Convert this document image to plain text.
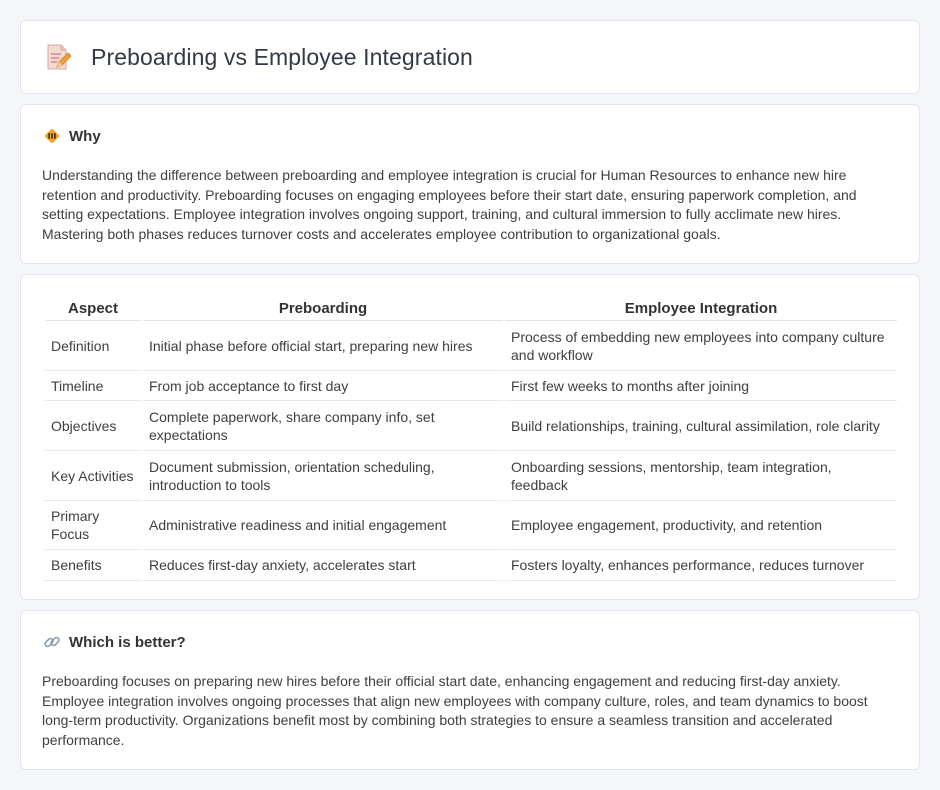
Preboarding vs Employee Integration
Why

Understanding the difference between preboarding and employee integration is crucial for Human Resources to enhance new hire retention and productivity. Preboarding focuses on engaging employees before their start date, ensuring paperwork completion, and setting expectations. Employee integration involves ongoing support, training, and cultural immersion to fully acclimate new hires. Mastering both phases reduces turnover costs and accelerates employee contribution to organizational goals.

Aspect	Preboarding	Employee Integration
Definition	Initial phase before official start, preparing new hires	Process of embedding new employees into company culture and workflow
Timeline	From job acceptance to first day	First few weeks to months after joining
Objectives	Complete paperwork, share company info, set expectations	Build relationships, training, cultural assimilation, role clarity
Key Activities	Document submission, orientation scheduling, introduction to tools	Onboarding sessions, mentorship, team integration, feedback
Primary Focus	Administrative readiness and initial engagement	Employee engagement, productivity, and retention
Benefits	Reduces first-day anxiety, accelerates start	Fosters loyalty, enhances performance, reduces turnover
Which is better?

Preboarding focuses on preparing new hires before their official start date, enhancing engagement and reducing first-day anxiety. Employee integration involves ongoing processes that align new employees with company culture, roles, and team dynamics to boost long-term productivity. Organizations benefit most by combining both strategies to ensure a seamless transition and accelerated performance.
